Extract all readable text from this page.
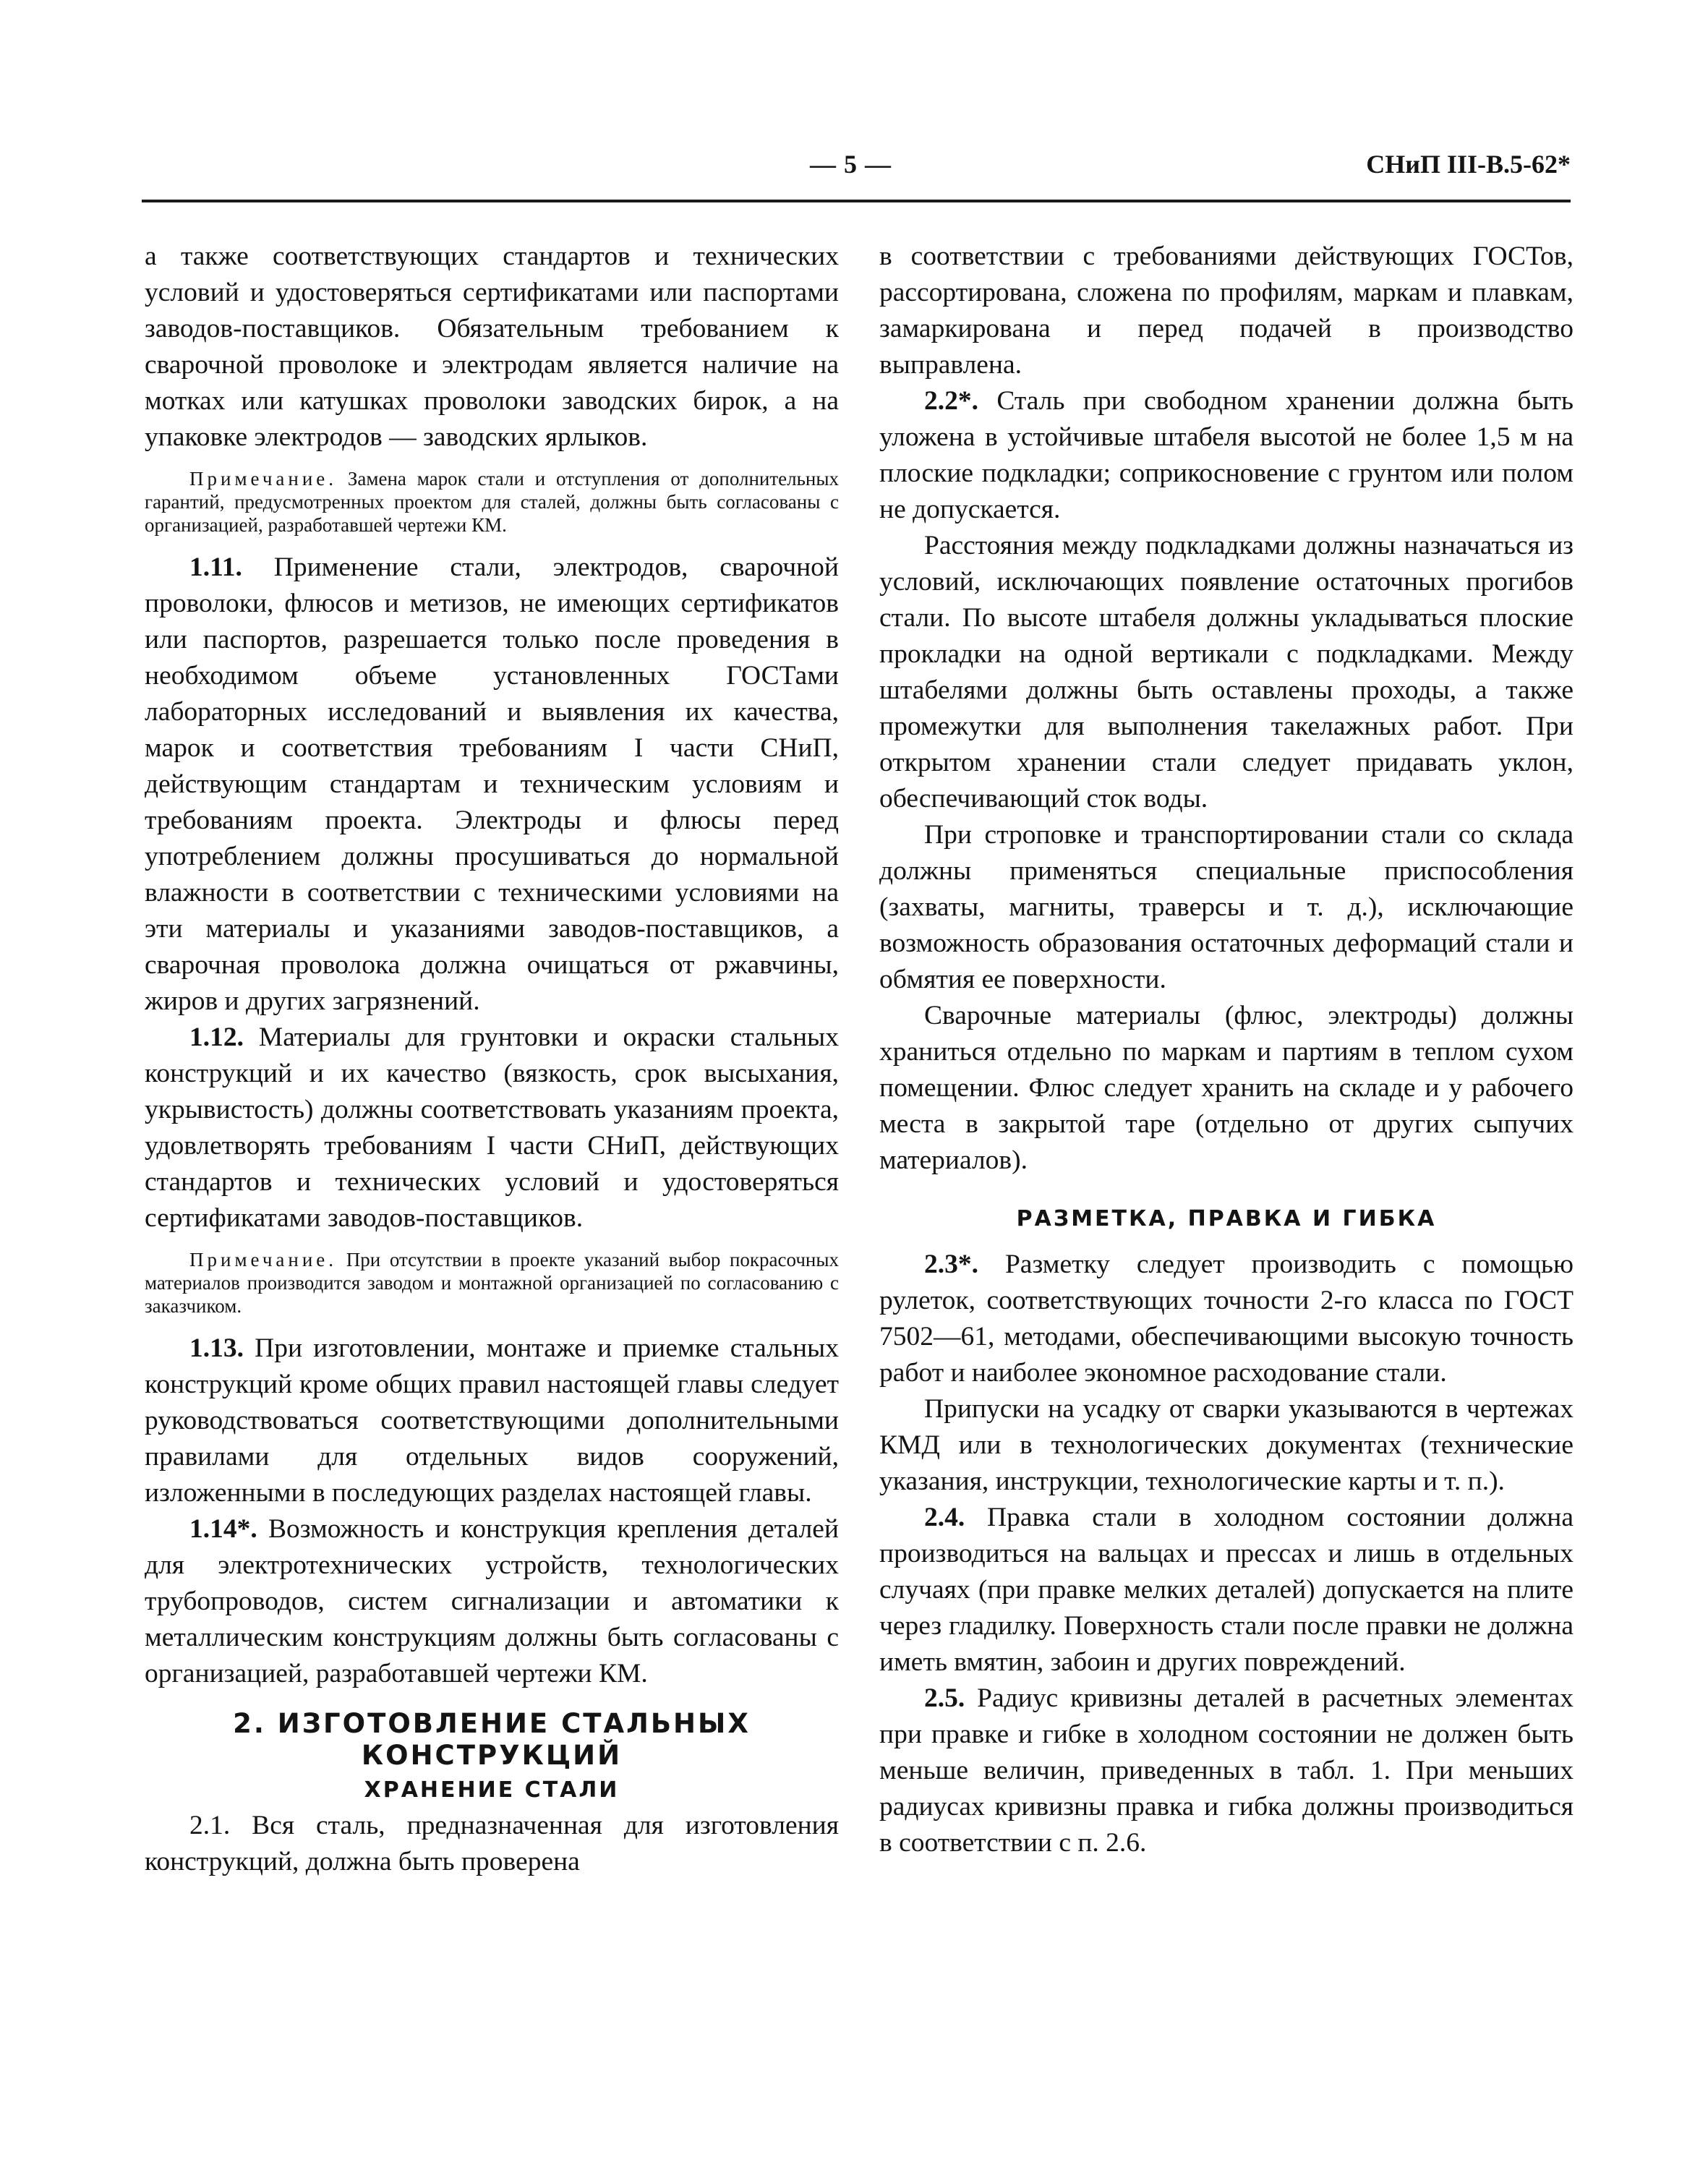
— 5 —	СНиП III-В.5-62*

а также соответствующих стандартов и технических условий и удостоверяться сертификатами или паспортами заводов-поставщиков. Обязательным требованием к сварочной проволоке и электродам является наличие на мотках или катушках проволоки заводских бирок, а на упаковке электродов — заводских ярлыков.

Примечание. Замена марок стали и отступления от дополнительных гарантий, предусмотренных проектом для сталей, должны быть согласованы с организацией, разработавшей чертежи КМ.

1.11. Применение стали, электродов, сварочной проволоки, флюсов и метизов, не имеющих сертификатов или паспортов, разрешается только после проведения в необходимом объеме установленных ГОСТами лабораторных исследований и выявления их качества, марок и соответствия требованиям I части СНиП, действующим стандартам и техническим условиям и требованиям проекта. Электроды и флюсы перед употреблением должны просушиваться до нормальной влажности в соответствии с техническими условиями на эти материалы и указаниями заводов-поставщиков, а сварочная проволока должна очищаться от ржавчины, жиров и других загрязнений.

1.12. Материалы для грунтовки и окраски стальных конструкций и их качество (вязкость, срок высыхания, укрывистость) должны соответствовать указаниям проекта, удовлетворять требованиям I части СНиП, действующих стандартов и технических условий и удостоверяться сертификатами заводов-поставщиков.

Примечание. При отсутствии в проекте указаний выбор покрасочных материалов производится заводом и монтажной организацией по согласованию с заказчиком.

1.13. При изготовлении, монтаже и приемке стальных конструкций кроме общих правил настоящей главы следует руководствоваться соответствующими дополнительными правилами для отдельных видов сооружений, изложенными в последующих разделах настоящей главы.

1.14*. Возможность и конструкция крепления деталей для электротехнических устройств, технологических трубопроводов, систем сигнализации и автоматики к металлическим конструкциям должны быть согласованы с организацией, разработавшей чертежи КМ.

2. ИЗГОТОВЛЕНИЕ СТАЛЬНЫХ
КОНСТРУКЦИЙ
ХРАНЕНИЕ СТАЛИ

2.1. Вся сталь, предназначенная для изготовления конструкций, должна быть проверена

в соответствии с требованиями действующих ГОСТов, рассортирована, сложена по профилям, маркам и плавкам, замаркирована и перед подачей в производство выправлена.

2.2*. Сталь при свободном хранении должна быть уложена в устойчивые штабеля высотой не более 1,5 м на плоские подкладки; соприкосновение с грунтом или полом не допускается.

Расстояния между подкладками должны назначаться из условий, исключающих появление остаточных прогибов стали. По высоте штабеля должны укладываться плоские прокладки на одной вертикали с подкладками. Между штабелями должны быть оставлены проходы, а также промежутки для выполнения такелажных работ. При открытом хранении стали следует придавать уклон, обеспечивающий сток воды.

При строповке и транспортировании стали со склада должны применяться специальные приспособления (захваты, магниты, траверсы и т. д.), исключающие возможность образования остаточных деформаций стали и обмятия ее поверхности.

Сварочные материалы (флюс, электроды) должны храниться отдельно по маркам и партиям в теплом сухом помещении. Флюс следует хранить на складе и у рабочего места в закрытой таре (отдельно от других сыпучих материалов).

РАЗМЕТКА, ПРАВКА И ГИБКА

2.3*. Разметку следует производить с помощью рулеток, соответствующих точности 2-го класса по ГОСТ 7502—61, методами, обеспечивающими высокую точность работ и наиболее экономное расходование стали.

Припуски на усадку от сварки указываются в чертежах КМД или в технологических документах (технические указания, инструкции, технологические карты и т. п.).

2.4. Правка стали в холодном состоянии должна производиться на вальцах и прессах и лишь в отдельных случаях (при правке мелких деталей) допускается на плите через гладилку. Поверхность стали после правки не должна иметь вмятин, забоин и других повреждений.

2.5. Радиус кривизны деталей в расчетных элементах при правке и гибке в холодном состоянии не должен быть меньше величин, приведенных в табл. 1. При меньших радиусах кривизны правка и гибка должны производиться в соответствии с п. 2.6.
